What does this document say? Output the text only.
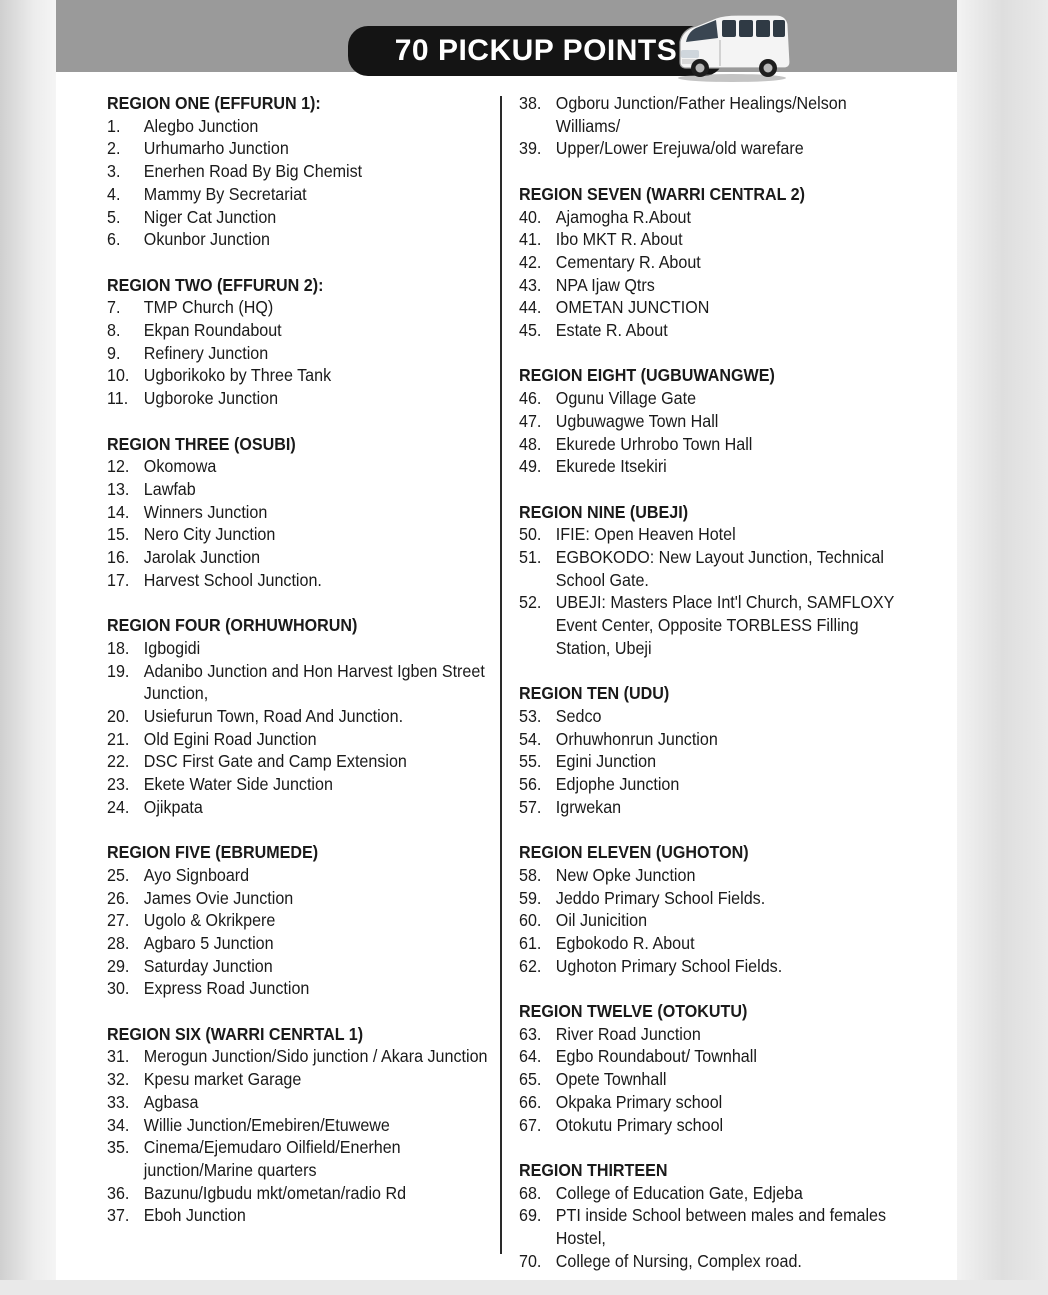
70 PICKUP POINTS
REGION ONE (EFFURUN 1):
1.	Alegbo Junction
2.	Urhumarho Junction
3.	Enerhen Road By Big Chemist
4.	Mammy By Secretariat
5.	Niger Cat Junction
6.	Okunbor Junction
REGION TWO (EFFURUN 2):
7.	TMP Church (HQ)
8.	Ekpan Roundabout
9.	Refinery Junction
10. Ugborikoko by Three Tank
11. Ugboroke Junction
REGION THREE (OSUBI)
12. Okomowa
13. Lawfab
14. Winners Junction
15. Nero City Junction
16. Jarolak Junction
17. Harvest School Junction.
REGION FOUR (ORHUWHORUN)
18. Igbogidi
19. Adanibo Junction and Hon Harvest Igben Street Junction,
20. Usiefurun Town, Road And Junction.
21. Old Egini Road Junction
22. DSC First Gate and Camp Extension
23. Ekete Water Side Junction
24. Ojikpata
REGION FIVE (EBRUMEDE)
25. Ayo Signboard
26. James Ovie Junction
27. Ugolo & Okrikpere
28. Agbaro 5 Junction
29. Saturday Junction
30. Express Road Junction
REGION SIX (WARRI CENRTAL 1)
31. Merogun Junction/Sido junction / Akara Junction
32. Kpesu market Garage
33. Agbasa
34. Willie Junction/Emebiren/Etuwewe
35. Cinema/Ejemudaro Oilfield/Enerhen junction/Marine quarters
36. Bazunu/Igbudu mkt/ometan/radio Rd
37. Eboh Junction
38. Ogboru Junction/Father Healings/Nelson Williams/
39. Upper/Lower Erejuwa/old warefare
REGION SEVEN (WARRI CENTRAL 2)
40. Ajamogha R.About
41. Ibo MKT R. About
42. Cementary R. About
43. NPA Ijaw Qtrs
44. OMETAN JUNCTION
45. Estate R. About
REGION EIGHT (UGBUWANGWE)
46. Ogunu Village Gate
47. Ugbuwagwe Town Hall
48. Ekurede Urhrobo Town Hall
49. Ekurede Itsekiri
REGION NINE (UBEJI)
50. IFIE: Open Heaven Hotel
51. EGBOKODO: New Layout Junction, Technical School Gate.
52. UBEJI: Masters Place Int'l Church, SAMFLOXY Event Center, Opposite TORBLESS Filling Station, Ubeji
REGION TEN (UDU)
53. Sedco
54. Orhuwhonrun Junction
55. Egini Junction
56. Edjophe Junction
57. Igrwekan
REGION ELEVEN (UGHOTON)
58. New Opke Junction
59. Jeddo Primary School Fields.
60. Oil Junicition
61. Egbokodo R. About
62. Ughoton Primary School Fields.
REGION TWELVE (OTOKUTU)
63. River Road Junction
64. Egbo Roundabout/ Townhall
65. Opete Townhall
66. Okpaka Primary school
67. Otokutu Primary school
REGION THIRTEEN
68. College of Education Gate, Edjeba
69. PTI inside School between males and females Hostel,
70. College of Nursing, Complex road.
